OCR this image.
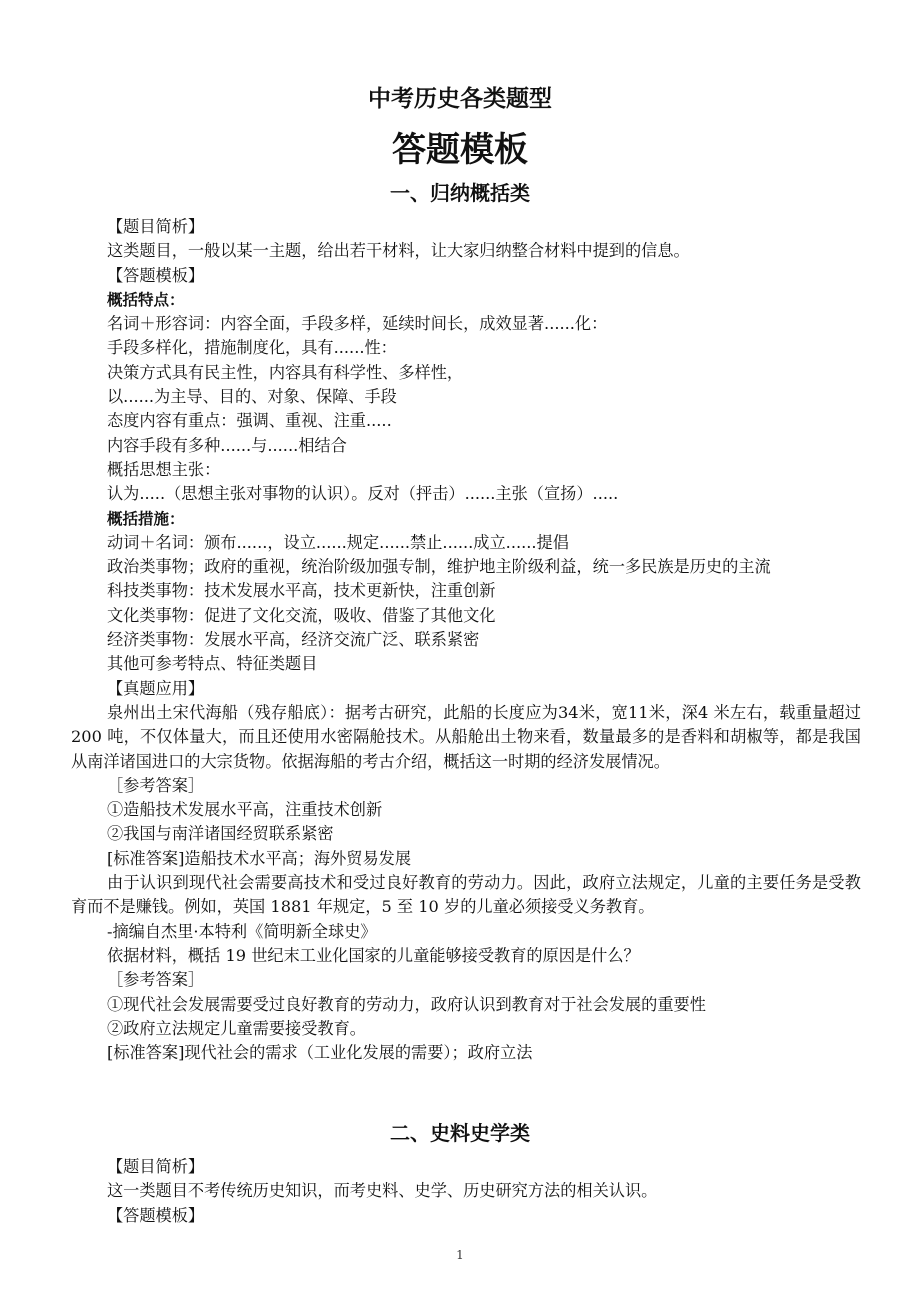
中考历史各类题型
答题模板
一、归纳概括类
【题目简析】
这类题目，一般以某一主题，给出若干材料，让大家归纳整合材料中提到的信息。
【答题模板】
概括特点：
名词＋形容词：内容全面，手段多样，延续时间长，成效显著......化：
手段多样化，措施制度化，具有......性：
决策方式具有民主性，内容具有科学性、多样性，
以......为主导、目的、对象、保障、手段
态度内容有重点：强调、重视、注重.....
内容手段有多种......与......相结合
概括思想主张：
认为.....（思想主张对事物的认识）。反对（抨击）......主张（宣扬）.....
概括措施：
动词＋名词：颁布......，设立......规定......禁止......成立......提倡
政治类事物；政府的重视，统治阶级加强专制，维护地主阶级利益，统一多民族是历史的主流
科技类事物：技术发展水平高，技术更新快，注重创新
文化类事物：促进了文化交流，吸收、借鉴了其他文化
经济类事物：发展水平高，经济交流广泛、联系紧密
其他可参考特点、特征类题目
【真题应用】
泉州出土宋代海船（残存船底）：据考古研究，此船的长度应为34米，宽11米，深4 米左右，载重量超过 200 吨，不仅体量大，而且还使用水密隔舱技术。从船舱出土物来看，数量最多的是香料和胡椒等，都是我国从南洋诸国进口的大宗货物。依据海船的考古介绍，概括这一时期的经济发展情况。
［参考答案］
①造船技术发展水平高，注重技术创新
②我国与南洋诸国经贸联系紧密
[标准答案]造船技术水平高；海外贸易发展
由于认识到现代社会需要高技术和受过良好教育的劳动力。因此，政府立法规定，儿童的主要任务是受教育而不是赚钱。例如，英国 1881 年规定，5 至 10 岁的儿童必须接受义务教育。
-摘编自杰里·本特利《简明新全球史》
依据材料，概括 19 世纪末工业化国家的儿童能够接受教育的原因是什么？
［参考答案］
①现代社会发展需要受过良好教育的劳动力，政府认识到教育对于社会发展的重要性
②政府立法规定儿童需要接受教育。
[标准答案]现代社会的需求（工业化发展的需要）；政府立法
二、史料史学类
【题目简析】
这一类题目不考传统历史知识，而考史料、史学、历史研究方法的相关认识。
【答题模板】
1
